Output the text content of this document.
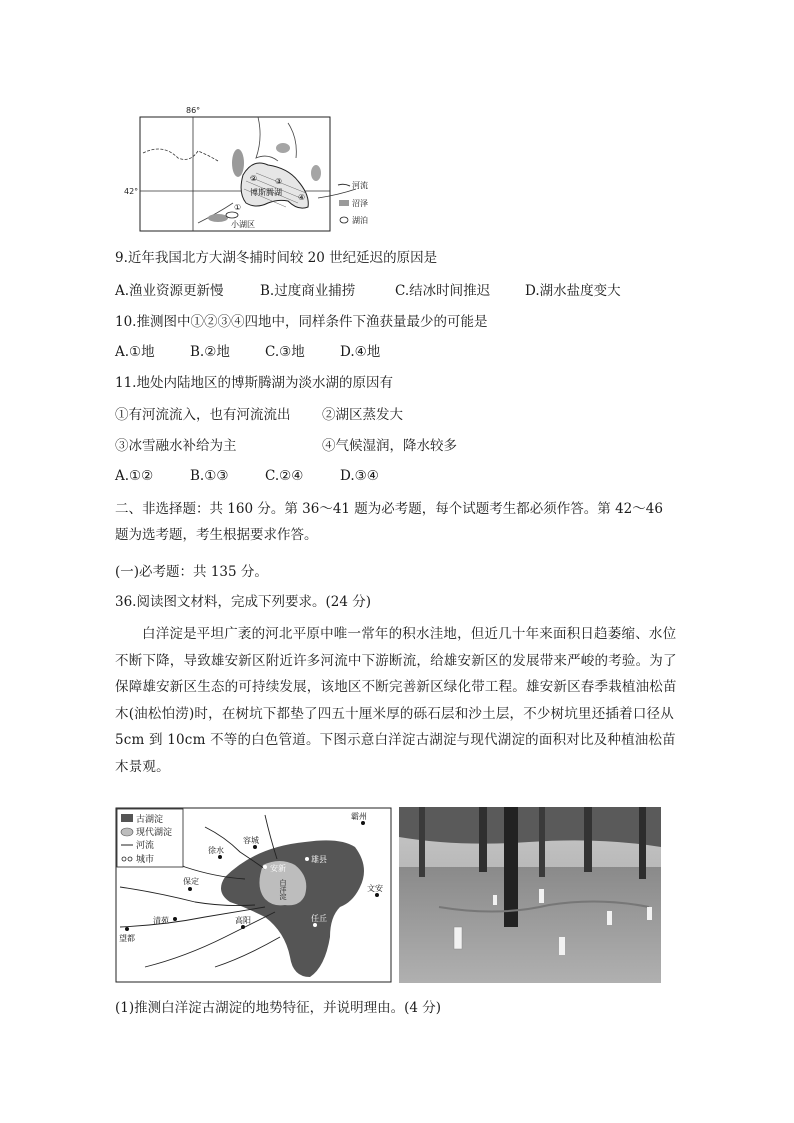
86°
42°
② ③
④
①
博斯腾湖
小湖区
河流
沼泽
湖泊
9.近年我国北方大湖冬捕时间较 20 世纪延迟的原因是
A.渔业资源更新慢	B.过度商业捕捞	C.结冰时间推迟	D.湖水盐度变大
10.推测图中①②③④四地中，同样条件下渔获量最少的可能是
A.①地	B.②地	C.③地	D.④地
11.地处内陆地区的博斯腾湖为淡水湖的原因有
①有河流流入，也有河流流出 ②湖区蒸发大
③冰雪融水补给为主	④气候湿润，降水较多
A.①②	B.①③	C.②④	D.③④
二、非选择题：共 160 分。第 36～41 题为必考题，每个试题考生都必须作答。第 42～46 题为选考题，考生根据要求作答。
(一)必考题：共 135 分。
36.阅读图文材料，完成下列要求。(24 分)
白洋淀是平坦广袤的河北平原中唯一常年的积水洼地，但近几十年来面积日趋萎缩、水位不断下降，导致雄安新区附近许多河流中下游断流，给雄安新区的发展带来严峻的考验。为了保障雄安新区生态的可持续发展，该地区不断完善新区绿化带工程。雄安新区春季栽植油松苗木(油松怕涝)时，在树坑下都垫了四五十厘米厚的砾石层和沙土层，不少树坑里还插着口径从 5cm 到 10cm 不等的白色管道。下图示意白洋淀古湖淀与现代湖淀的面积对比及种植油松苗木景观。
古湖淀
现代湖淀
河流
城市
霸州
容城
雄县
安新
白洋淀
徐水
保定
文安
任丘
清苑	高阳
望都
(1)推测白洋淀古湖淀的地势特征，并说明理由。(4 分)
